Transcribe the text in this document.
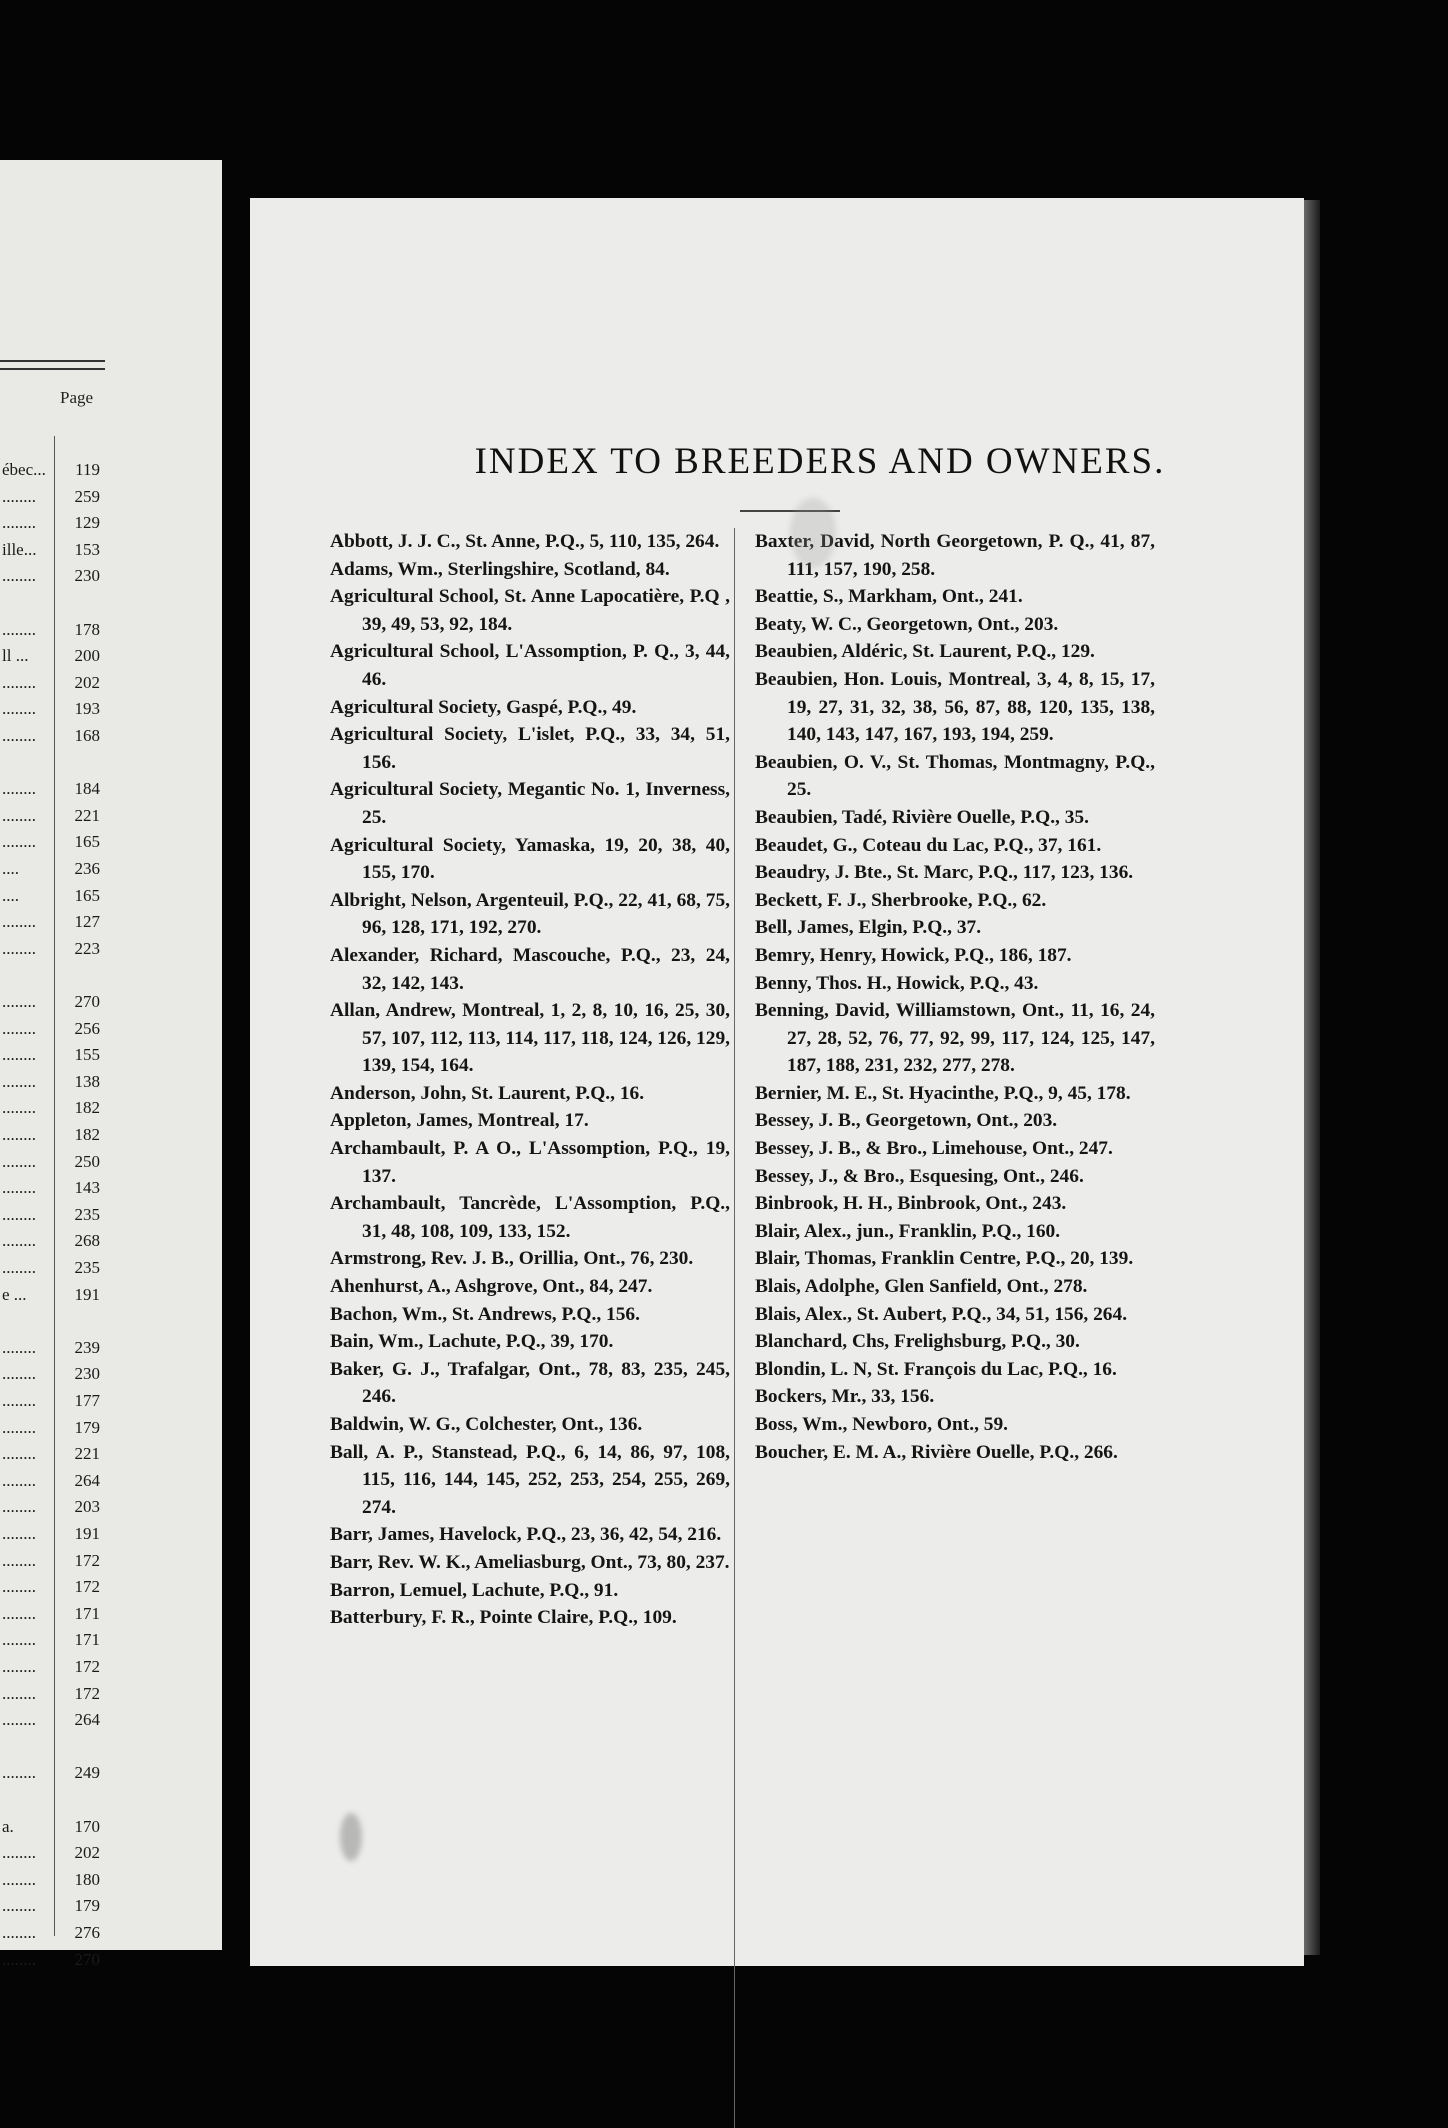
Page
ébec... 119
........ 259
........ 129
ille... 153
........ 230
........ 178
ll ...	200
........ 202
........ 193
........ 168
........ 184
........ 221
........ 165
....	236
....	165
........ 127
........ 223
........ 270
........ 256
........ 155
........ 138
........ 182
........ 182
........ 250
........ 143
........ 235
........ 268
........ 235
e ...	191
........ 239
........ 230
........ 177
........ 179
........ 221
........ 264
........ 203
........ 191
........ 172
........ 172
........ 171
........ 171
........ 172
........ 172
........ 264
........ 249
a.	170
........ 202
........ 180
........ 179
........ 276
........ 270
INDEX TO BREEDERS AND OWNERS.
Abbott, J. J. C., St. Anne, P.Q., 5, 110, 135, 264.
Adams, Wm., Sterlingshire, Scotland, 84.
Agricultural School, St. Anne Lapocatière, P.Q , 39, 49, 53, 92, 184.
Agricultural School, L'Assomption, P. Q., 3, 44, 46.
Agricultural Society, Gaspé, P.Q., 49.
Agricultural Society, L'islet, P.Q., 33, 34, 51, 156.
Agricultural Society, Megantic No. 1, Inverness, 25.
Agricultural Society, Yamaska, 19, 20, 38, 40, 155, 170.
Albright, Nelson, Argenteuil, P.Q., 22, 41, 68, 75, 96, 128, 171, 192, 270.
Alexander, Richard, Mascouche, P.Q., 23, 24, 32, 142, 143.
Allan, Andrew, Montreal, 1, 2, 8, 10, 16, 25, 30, 57, 107, 112, 113, 114, 117, 118, 124, 126, 129, 139, 154, 164.
Anderson, John, St. Laurent, P.Q., 16.
Appleton, James, Montreal, 17.
Archambault, P. A O., L'Assomption, P.Q., 19, 137.
Archambault, Tancrède, L'Assomption, P.Q., 31, 48, 108, 109, 133, 152.
Armstrong, Rev. J. B., Orillia, Ont., 76, 230.
Ahenhurst, A., Ashgrove, Ont., 84, 247.
Bachon, Wm., St. Andrews, P.Q., 156.
Bain, Wm., Lachute, P.Q., 39, 170.
Baker, G. J., Trafalgar, Ont., 78, 83, 235, 245, 246.
Baldwin, W. G., Colchester, Ont., 136.
Ball, A. P., Stanstead, P.Q., 6, 14, 86, 97, 108, 115, 116, 144, 145, 252, 253, 254, 255, 269, 274.
Barr, James, Havelock, P.Q., 23, 36, 42, 54, 216.
Barr, Rev. W. K., Ameliasburg, Ont., 73, 80, 237.
Barron, Lemuel, Lachute, P.Q., 91.
Batterbury, F. R., Pointe Claire, P.Q., 109.
Baxter, David, North Georgetown, P. Q., 41, 87, 111, 157, 190, 258.
Beattie, S., Markham, Ont., 241.
Beaty, W. C., Georgetown, Ont., 203.
Beaubien, Aldéric, St. Laurent, P.Q., 129.
Beaubien, Hon. Louis, Montreal, 3, 4, 8, 15, 17, 19, 27, 31, 32, 38, 56, 87, 88, 120, 135, 138, 140, 143, 147, 167, 193, 194, 259.
Beaubien, O. V., St. Thomas, Montmagny, P.Q., 25.
Beaubien, Tadé, Rivière Ouelle, P.Q., 35.
Beaudet, G., Coteau du Lac, P.Q., 37, 161.
Beaudry, J. Bte., St. Marc, P.Q., 117, 123, 136.
Beckett, F. J., Sherbrooke, P.Q., 62.
Bell, James, Elgin, P.Q., 37.
Bemry, Henry, Howick, P.Q., 186, 187.
Benny, Thos. H., Howick, P.Q., 43.
Benning, David, Williamstown, Ont., 11, 16, 24, 27, 28, 52, 76, 77, 92, 99, 117, 124, 125, 147, 187, 188, 231, 232, 277, 278.
Bernier, M. E., St. Hyacinthe, P.Q., 9, 45, 178.
Bessey, J. B., Georgetown, Ont., 203.
Bessey, J. B., & Bro., Limehouse, Ont., 247.
Bessey, J., & Bro., Esquesing, Ont., 246.
Binbrook, H. H., Binbrook, Ont., 243.
Blair, Alex., jun., Franklin, P.Q., 160.
Blair, Thomas, Franklin Centre, P.Q., 20, 139.
Blais, Adolphe, Glen Sanfield, Ont., 278.
Blais, Alex., St. Aubert, P.Q., 34, 51, 156, 264.
Blanchard, Chs, Frelighsburg, P.Q., 30.
Blondin, L. N, St. François du Lac, P.Q., 16.
Bockers, Mr., 33, 156.
Boss, Wm., Newboro, Ont., 59.
Boucher, E. M. A., Rivière Ouelle, P.Q., 266.
